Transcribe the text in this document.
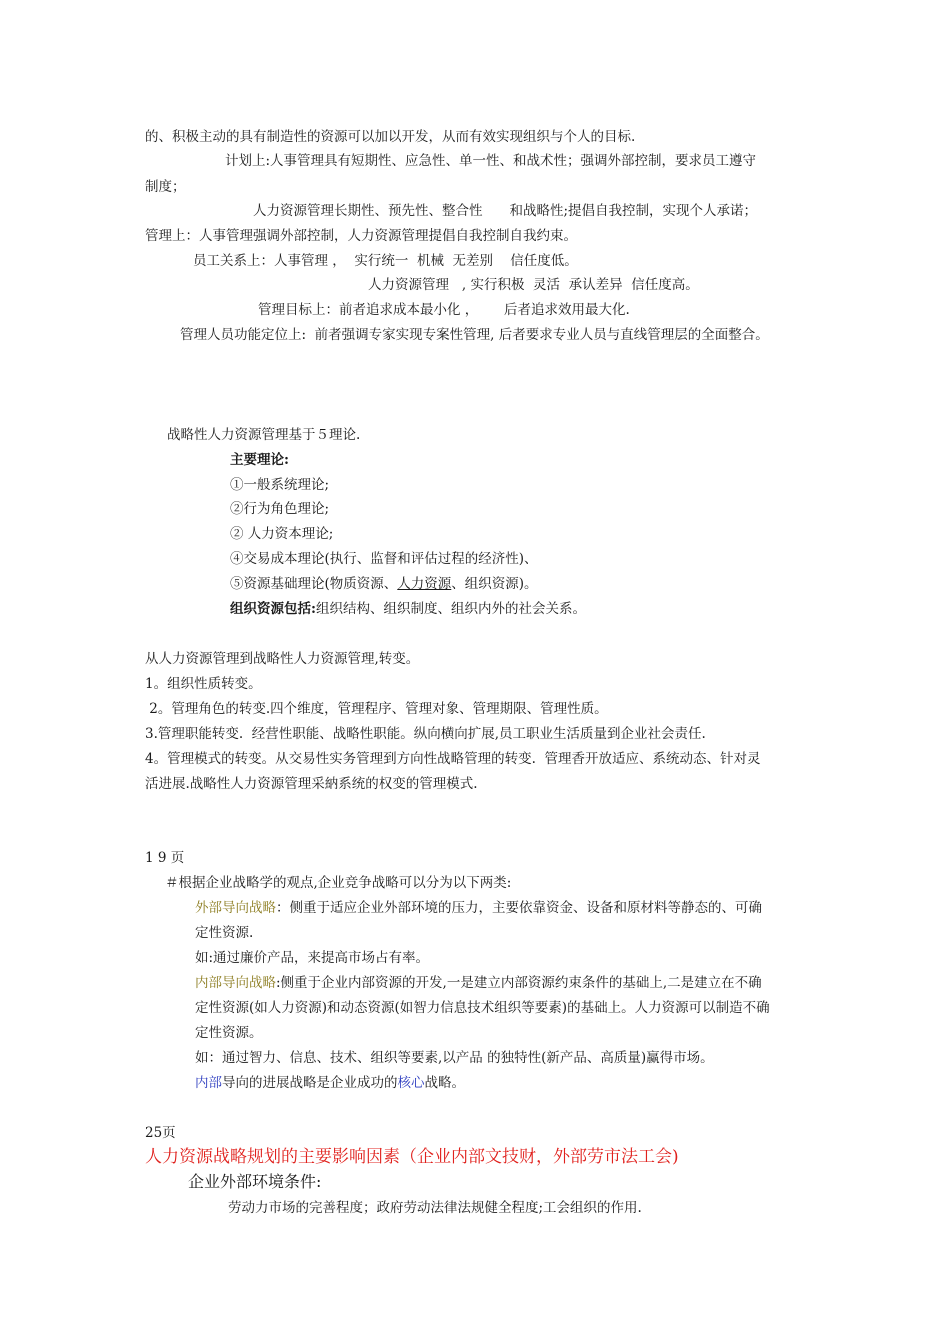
的、积极主动的具有制造性的资源可以加以开发，从而有效实现组织与个人的目标.
计划上:人事管理具有短期性、应急性、单一性、和战术性；强调外部控制，要求员工遵守
制度；
人力资源管理长期性、预先性、整合性　　和战略性;提倡自我控制，实现个人承诺；
管理上：人事管理强调外部控制，人力资源管理提倡自我控制自我约束。
员工关系上：人事管理 ，  实行统一  机械  无差别    信任度低。
人力资源管理   , 实行积极  灵活  承认差异  信任度高。
管理目标上：前者追求成本最小化 ，      后者追求效用最大化.
管理人员功能定位上:  前者强调专家实现专案性管理, 后者要求专业人员与直线管理层的全面整合。
战略性人力资源管理基于５理论.
主要理论:
①一般系统理论;
②行为角色理论;
② 人力资本理论;
④交易成本理论(执行、监督和评估过程的经济性)、
⑤资源基础理论(物质资源、人力资源、组织资源)。
组织资源包括:组织结构、组织制度、组织内外的社会关系。
从人力资源管理到战略性人力资源管理,转变。
1。组织性质转变。
2。管理角色的转变.四个维度，管理程序、管理对象、管理期限、管理性质。
3.管理职能转变.  经营性职能、战略性职能。纵向横向扩展,员工职业生活质量到企业社会责任.
4。管理模式的转变。从交易性实务管理到方向性战略管理的转变.  管理香开放适应、系统动态、针对灵
活进展.战略性人力资源管理采納系统的权变的管理模式.
1 9 页
＃根据企业战略学的观点,企业竞争战略可以分为以下两类:
外部导向战略：侧重于适应企业外部环境的压力，主要依靠资金、设备和原材料等静态的、可确
定性资源.
如:通过廉价产品，来提高市场占有率。
内部导向战略:侧重于企业内部资源的开发,一是建立内部资源约束条件的基础上,二是建立在不确
定性资源(如人力资源)和动态资源(如智力信息技术组织等要素)的基础上。人力资源可以制造不确
定性资源。
如：通过智力、信息、技术、组织等要素,以产品 的独特性(新产品、高质量)赢得市场。
内部导向的进展战略是企业成功的核心战略。
25页
人力资源战略规划的主要影响因素（企业内部文技财，外部劳市法工会)
企业外部环境条件:
劳动力市场的完善程度；政府劳动法律法规健全程度;工会组织的作用.
